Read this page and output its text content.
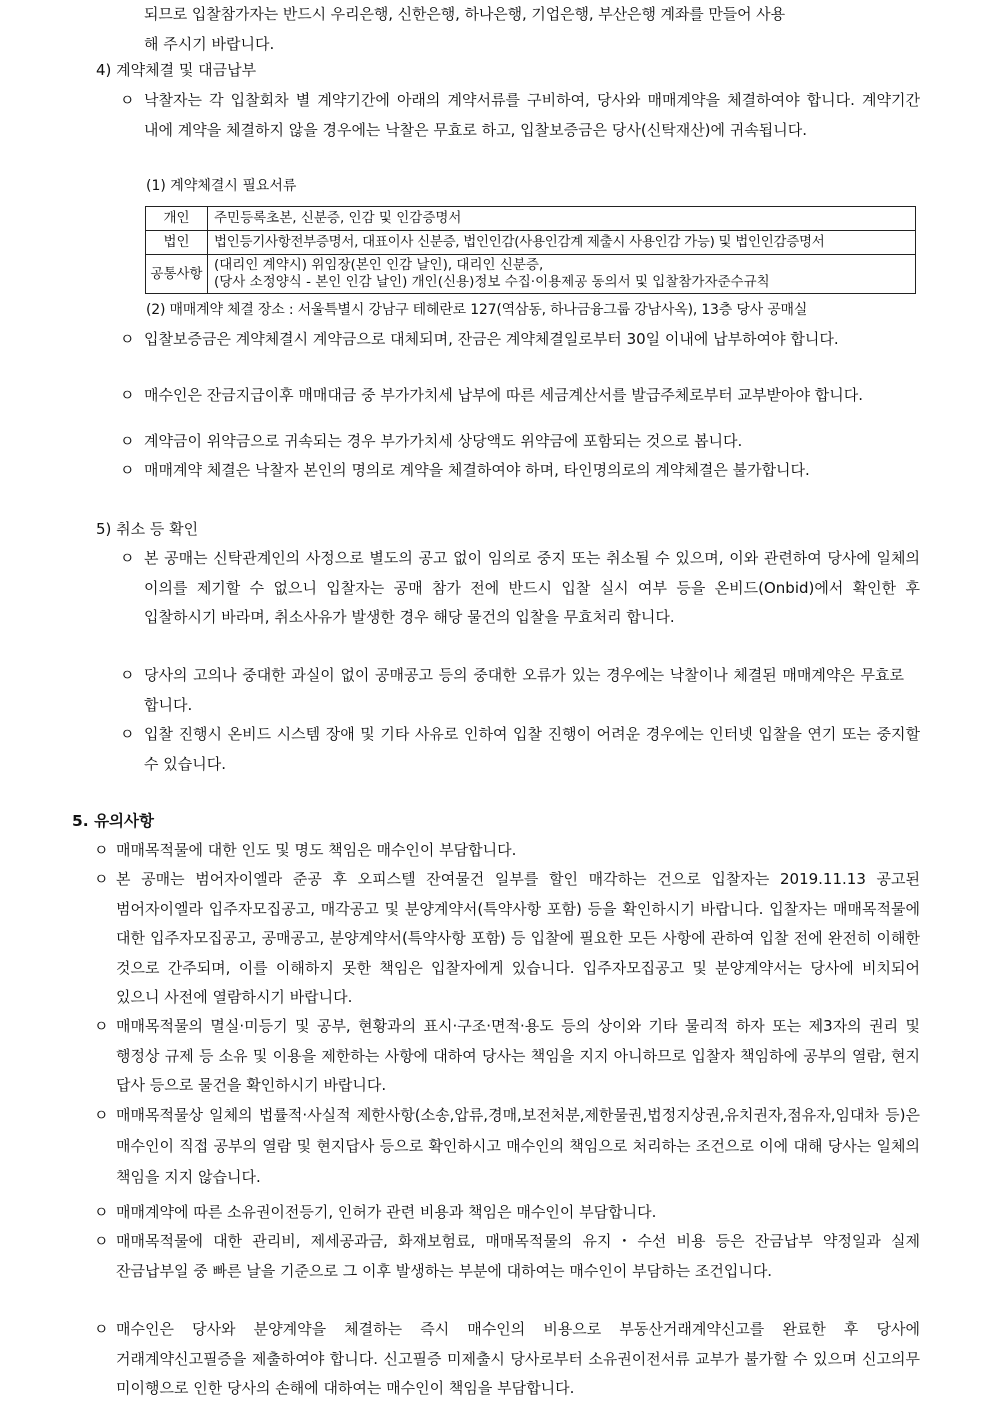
되므로 입찰참가자는 반드시 우리은행, 신한은행, 하나은행, 기업은행, 부산은행 계좌를 만들어 사용
해 주시기 바랍니다.
4) 계약체결 및 대금납부
ㅇ 낙찰자는 각 입찰회차 별 계약기간에 아래의 계약서류를 구비하여, 당사와 매매계약을 체결하여야 합니다. 계약기간 내에 계약을 체결하지 않을 경우에는 낙찰은 무효로 하고, 입찰보증금은 당사(신탁재산)에 귀속됩니다.
(1) 계약체결시 필요서류
개인	주민등록초본, 신분증, 인감 및 인감증명서
법인	법인등기사항전부증명서, 대표이사 신분증, 법인인감(사용인감계 제출시 사용인감 가능) 및 법인인감증명서
공통사항	(대리인 계약시) 위임장(본인 인감 날인), 대리인 신분증,
(당사 소정양식 - 본인 인감 날인) 개인(신용)정보 수집·이용제공 동의서 및 입찰참가자준수규칙
(2) 매매계약 체결 장소 : 서울특별시 강남구 테헤란로 127(역삼동, 하나금융그룹 강남사옥), 13층 당사 공매실
ㅇ 입찰보증금은 계약체결시 계약금으로 대체되며, 잔금은 계약체결일로부터 30일 이내에 납부하여야 합니다.
ㅇ 매수인은 잔금지급이후 매매대금 중 부가가치세 납부에 따른 세금계산서를 발급주체로부터 교부받아야 합니다.
ㅇ 계약금이 위약금으로 귀속되는 경우 부가가치세 상당액도 위약금에 포함되는 것으로 봅니다.
ㅇ 매매계약 체결은 낙찰자 본인의 명의로 계약을 체결하여야 하며, 타인명의로의 계약체결은 불가합니다.
5) 취소 등 확인
ㅇ 본 공매는 신탁관계인의 사정으로 별도의 공고 없이 임의로 중지 또는 취소될 수 있으며, 이와 관련하여 당사에 일체의 이의를 제기할 수 없으니 입찰자는 공매 참가 전에 반드시 입찰 실시 여부 등을 온비드(Onbid)에서 확인한 후 입찰하시기 바라며, 취소사유가 발생한 경우 해당 물건의 입찰을 무효처리 합니다.
ㅇ 당사의 고의나 중대한 과실이 없이 공매공고 등의 중대한 오류가 있는 경우에는 낙찰이나 체결된 매매계약은 무효로 합니다.
ㅇ 입찰 진행시 온비드 시스템 장애 및 기타 사유로 인하여 입찰 진행이 어려운 경우에는 인터넷 입찰을 연기 또는 중지할 수 있습니다.
5. 유의사항
ㅇ 매매목적물에 대한 인도 및 명도 책임은 매수인이 부담합니다.
ㅇ 본 공매는 범어자이엘라 준공 후 오피스텔 잔여물건 일부를 할인 매각하는 건으로 입찰자는 2019.11.13 공고된 범어자이엘라 입주자모집공고, 매각공고 및 분양계약서(특약사항 포함) 등을 확인하시기 바랍니다. 입찰자는 매매목적물에 대한 입주자모집공고, 공매공고, 분양계약서(특약사항 포함) 등 입찰에 필요한 모든 사항에 관하여 입찰 전에 완전히 이해한 것으로 간주되며, 이를 이해하지 못한 책임은 입찰자에게 있습니다. 입주자모집공고 및 분양계약서는 당사에 비치되어 있으니 사전에 열람하시기 바랍니다.
ㅇ 매매목적물의 멸실·미등기 및 공부, 현황과의 표시·구조·면적·용도 등의 상이와 기타 물리적 하자 또는 제3자의 권리 및 행정상 규제 등 소유 및 이용을 제한하는 사항에 대하여 당사는 책임을 지지 아니하므로 입찰자 책임하에 공부의 열람, 현지 답사 등으로 물건을 확인하시기 바랍니다.
ㅇ 매매목적물상 일체의 법률적·사실적 제한사항(소송,압류,경매,보전처분,제한물권,법정지상권,유치권자,점유자,임대차 등)은 매수인이 직접 공부의 열람 및 현지답사 등으로 확인하시고 매수인의 책임으로 처리하는 조건으로 이에 대해 당사는 일체의 책임을 지지 않습니다.
ㅇ 매매계약에 따른 소유권이전등기, 인허가 관련 비용과 책임은 매수인이 부담합니다.
ㅇ 매매목적물에 대한 관리비, 제세공과금, 화재보험료, 매매목적물의 유지・수선 비용 등은 잔금납부 약정일과 실제 잔금납부일 중 빠른 날을 기준으로 그 이후 발생하는 부분에 대하여는 매수인이 부담하는 조건입니다.
ㅇ 매수인은 당사와 분양계약을 체결하는 즉시 매수인의 비용으로 부동산거래계약신고를 완료한 후 당사에 거래계약신고필증을 제출하여야 합니다. 신고필증 미제출시 당사로부터 소유권이전서류 교부가 불가할 수 있으며 신고의무 미이행으로 인한 당사의 손해에 대하여는 매수인이 책임을 부담합니다.
